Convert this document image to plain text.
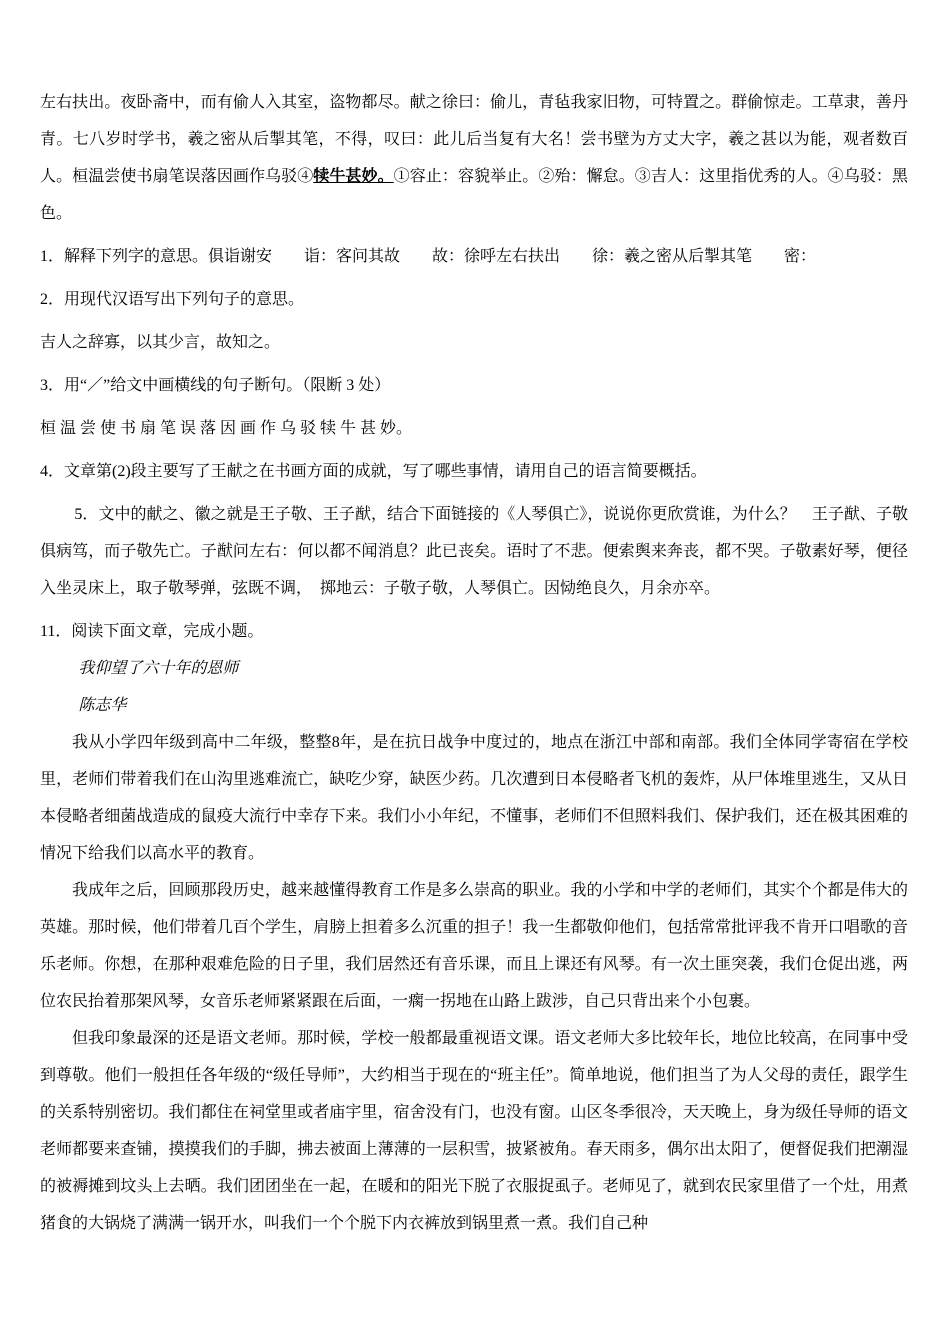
左右扶出。夜卧斋中，而有偷人入其室，盗物都尽。献之徐曰：偷儿，青毡我家旧物，可特置之。群偷惊走。工草隶，善丹青。七八岁时学书，羲之密从后掣其笔，不得，叹曰：此儿后当复有大名！尝书壁为方丈大字，羲之甚以为能，观者数百人。桓温尝使书扇笔误落因画作乌驳④犊牛甚妙。①容止：容貌举止。②殆：懈怠。③吉人：这里指优秀的人。④乌驳：黑色。

1．解释下列字的意思。俱诣谢安　　诣：客问其故　　故：徐呼左右扶出　　徐：羲之密从后掣其笔　　密：

2．用现代汉语写出下列句子的意思。

吉人之辞寡，以其少言，故知之。

3．用“／”给文中画横线的句子断句。（限断 3 处）

桓 温 尝 使 书 扇 笔 误 落 因 画 作 乌 驳 犊 牛 甚 妙。

4．文章第(2)段主要写了王献之在书画方面的成就，写了哪些事情，请用自己的语言简要概括。

5．文中的献之、徽之就是王子敬、王子猷，结合下面链接的《人琴俱亡》，说说你更欣赏谁，为什么？　王子猷、子敬俱病笃，而子敬先亡。子猷问左右：何以都不闻消息？此已丧矣。语时了不悲。便索舆来奔丧，都不哭。子敬素好琴，便径入坐灵床上，取子敬琴弹，弦既不调，　掷地云：子敬子敬，人琴俱亡。因恸绝良久，月余亦卒。

11．阅读下面文章，完成小题。

我仰望了六十年的恩师

陈志华

我从小学四年级到高中二年级，整整8年，是在抗日战争中度过的，地点在浙江中部和南部。我们全体同学寄宿在学校里，老师们带着我们在山沟里逃难流亡，缺吃少穿，缺医少药。几次遭到日本侵略者飞机的轰炸，从尸体堆里逃生，又从日本侵略者细菌战造成的鼠疫大流行中幸存下来。我们小小年纪，不懂事，老师们不但照料我们、保护我们，还在极其困难的情况下给我们以高水平的教育。

我成年之后，回顾那段历史，越来越懂得教育工作是多么崇高的职业。我的小学和中学的老师们，其实个个都是伟大的英雄。那时候，他们带着几百个学生，肩膀上担着多么沉重的担子！我一生都敬仰他们，包括常常批评我不肯开口唱歌的音乐老师。你想，在那种艰难危险的日子里，我们居然还有音乐课，而且上课还有风琴。有一次土匪突袭，我们仓促出逃，两位农民抬着那架风琴，女音乐老师紧紧跟在后面，一瘸一拐地在山路上跋涉，自己只背出来个小包裹。

但我印象最深的还是语文老师。那时候，学校一般都最重视语文课。语文老师大多比较年长，地位比较高，在同事中受到尊敬。他们一般担任各年级的“级任导师”，大约相当于现在的“班主任”。简单地说，他们担当了为人父母的责任，跟学生的关系特别密切。我们都住在祠堂里或者庙宇里，宿舍没有门，也没有窗。山区冬季很冷，天天晚上，身为级任导师的语文老师都要来查铺，摸摸我们的手脚，拂去被面上薄薄的一层积雪，披紧被角。春天雨多，偶尔出太阳了，便督促我们把潮湿的被褥摊到坟头上去晒。我们团团坐在一起，在暖和的阳光下脱了衣服捉虱子。老师见了，就到农民家里借了一个灶，用煮猪食的大锅烧了满满一锅开水，叫我们一个个脱下内衣裤放到锅里煮一煮。我们自己种
